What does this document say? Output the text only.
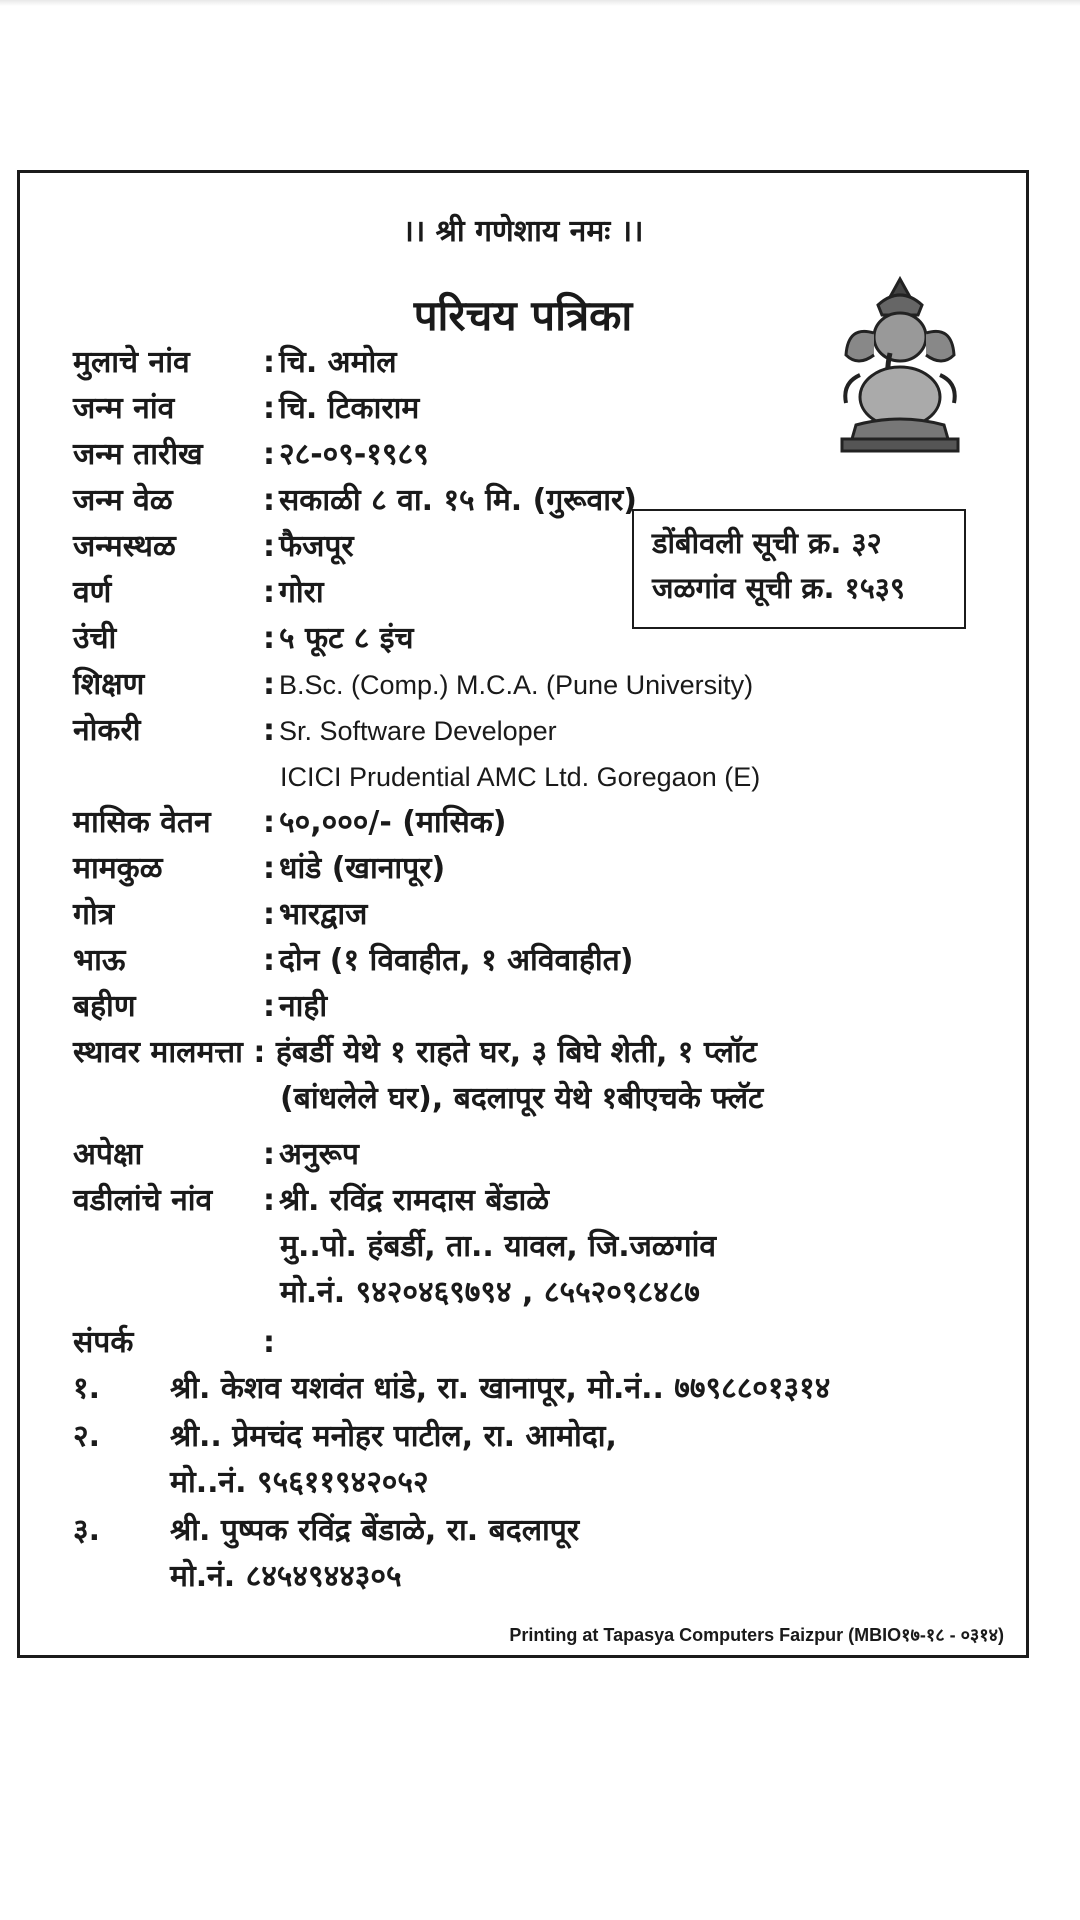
।। श्री गणेशाय नमः ।।
परिचय पत्रिका
डोंबीवली सूची क्र. ३२
जळगांव सूची क्र. १५३९
मुलाचे नांव : चि. अमोल
जन्म नांव	: चि. टिकाराम
जन्म तारीख : २८-०९-१९८९
जन्म वेळ	: सकाळी ८ वा. १५ मि. (गुरूवार)
जन्मस्थळ	: फैजपूर
वर्ण	: गोरा
उंची	: ५ फूट ८ इंच
शिक्षण	: B.Sc. (Comp.) M.C.A. (Pune University)
नोकरी	: Sr. Software Developer
ICICI Prudential AMC Ltd. Goregaon (E)
मासिक वेतन : ५०,०००/- (मासिक)
मामकुळ	: धांडे (खानापूर)
गोत्र	: भारद्वाज
भाऊ	: दोन (१ विवाहीत, १ अविवाहीत)
बहीण	: नाही
स्थावर मालमत्ता : हंबर्डी येथे १ राहते घर, ३ बिघे शेती, १ प्लॉट
(बांधलेले घर), बदलापूर येथे १बीएचके फ्लॅट
अपेक्षा	: अनुरूप
वडीलांचे नांव : श्री. रविंद्र रामदास बेंडाळे
मु..पो. हंबर्डी, ता.. यावल, जि.जळगांव
मो.नं. ९४२०४६९७९४ , ८५५२०९८४८७
संपर्क	:
१. श्री. केशव यशवंत धांडे, रा. खानापूर, मो.नं.. ७७९८८०१३१४
२. श्री.. प्रेमचंद मनोहर पाटील, रा. आमोदा,
मो..नं. ९५६११९४२०५२
३. श्री. पुष्पक रविंद्र बेंडाळे, रा. बदलापूर
मो.नं. ८४५४९४४३०५
Printing at Tapasya Computers Faizpur (MBIO१७-१८ - ०३१४)
